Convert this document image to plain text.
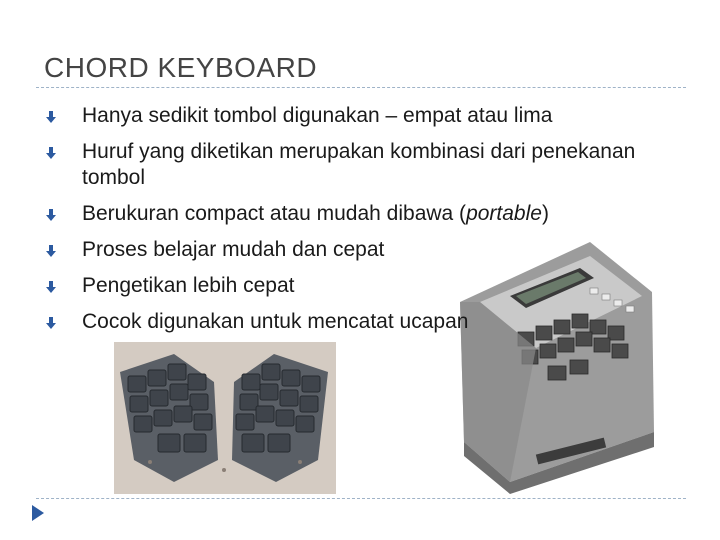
CHORD KEYBOARD
Hanya sedikit tombol digunakan – empat atau lima
Huruf yang diketikan merupakan kombinasi dari penekanan tombol
Berukuran compact atau mudah dibawa (portable)
Proses belajar mudah dan cepat
Pengetikan lebih cepat
Cocok digunakan untuk mencatat ucapan
